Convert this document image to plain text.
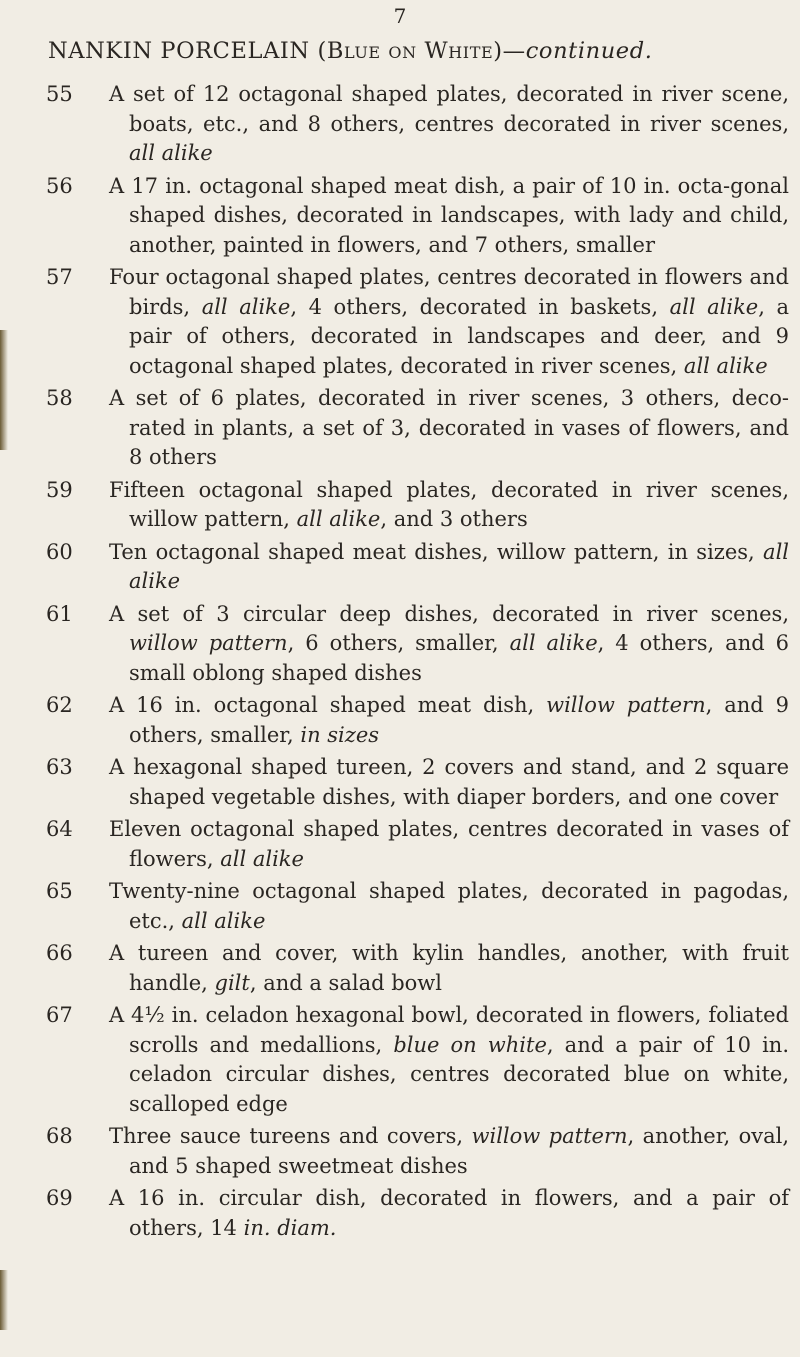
7
NANKIN PORCELAIN (Blue on White)—continued.
55	A set of 12 octagonal shaped plates, decorated in river scene, boats, etc., and 8 others, centres decorated in river scenes, all alike
56	A 17 in. octagonal shaped meat dish, a pair of 10 in. octa-gonal shaped dishes, decorated in landscapes, with lady and child, another, painted in flowers, and 7 others, smaller
57	Four octagonal shaped plates, centres decorated in flowers and birds, all alike, 4 others, decorated in baskets, all alike, a pair of others, decorated in landscapes and deer, and 9 octagonal shaped plates, decorated in river scenes, all alike
58	A set of 6 plates, decorated in river scenes, 3 others, deco-rated in plants, a set of 3, decorated in vases of flowers, and 8 others
59	Fifteen octagonal shaped plates, decorated in river scenes, willow pattern, all alike, and 3 others
60	Ten octagonal shaped meat dishes, willow pattern, in sizes, all alike
61	A set of 3 circular deep dishes, decorated in river scenes, willow pattern, 6 others, smaller, all alike, 4 others, and 6 small oblong shaped dishes
62	A 16 in. octagonal shaped meat dish, willow pattern, and 9 others, smaller, in sizes
63	A hexagonal shaped tureen, 2 covers and stand, and 2 square shaped vegetable dishes, with diaper borders, and one cover
64	Eleven octagonal shaped plates, centres decorated in vases of flowers, all alike
65	Twenty-nine octagonal shaped plates, decorated in pagodas, etc., all alike
66	A tureen and cover, with kylin handles, another, with fruit handle, gilt, and a salad bowl
67	A 4½ in. celadon hexagonal bowl, decorated in flowers, foliated scrolls and medallions, blue on white, and a pair of 10 in. celadon circular dishes, centres decorated blue on white, scalloped edge
68	Three sauce tureens and covers, willow pattern, another, oval, and 5 shaped sweetmeat dishes
69	A 16 in. circular dish, decorated in flowers, and a pair of others, 14 in. diam.
